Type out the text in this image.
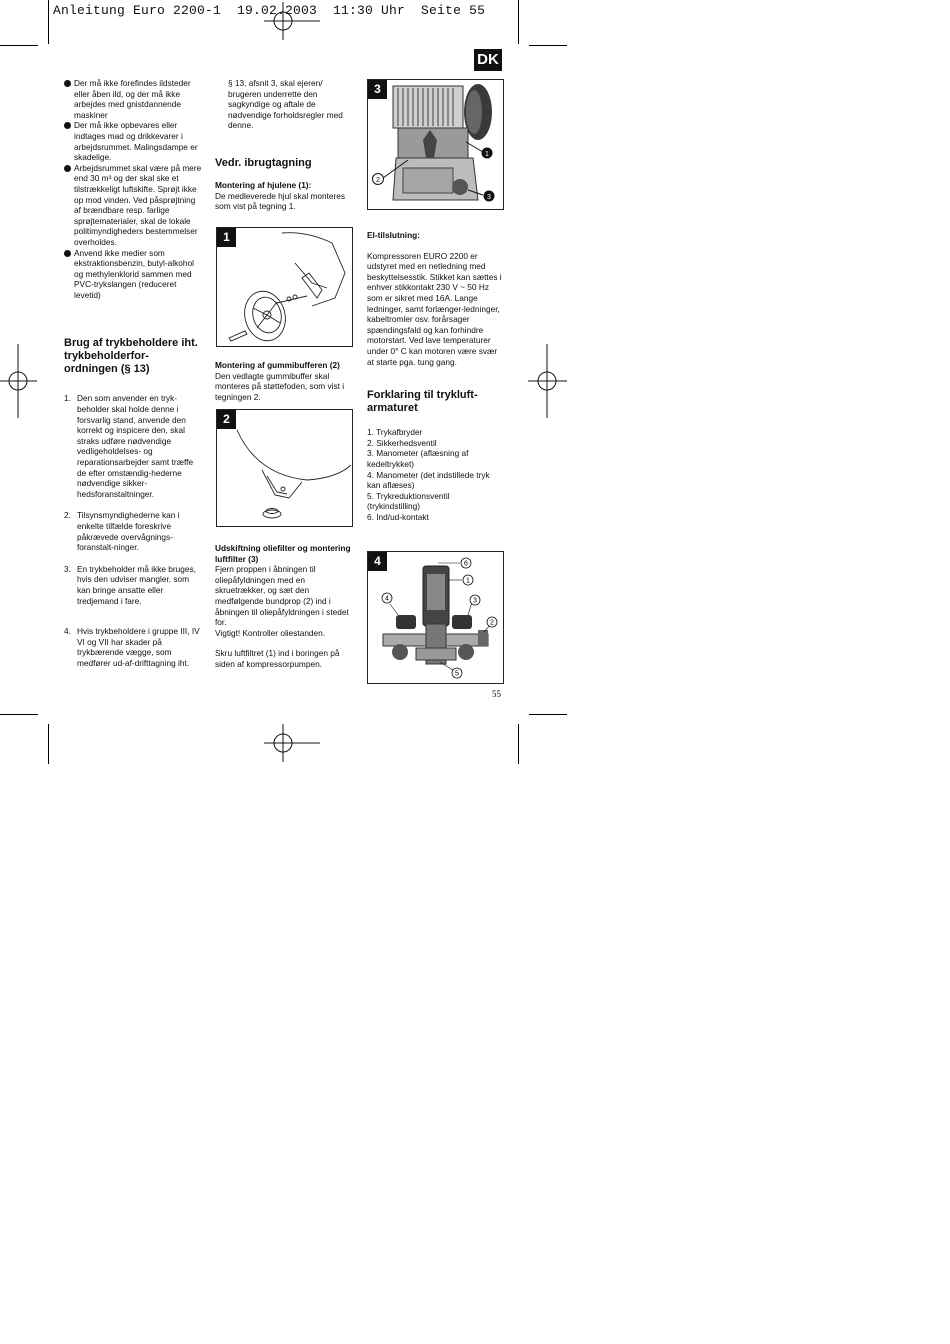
Anleitung Euro 2200-1  19.02.2003  11:30 Uhr  Seite 55
DK
Der må ikke forefindes ildsteder eller åben ild, og der må ikke arbejdes med gnistdannende maskiner
Der må ikke opbevares eller indtages mad og drikkevarer i arbejdsrummet. Malingsdampe er skadelige.
Arbejdsrummet skal være på mere end 30 m³ og der skal ske et tilstrækkeligt luftskifte. Sprøjt ikke op mod vinden. Ved påsprøjtning af brændbare resp. farlige sprøjtematerialer, skal de lokale politimyndigheders bestemmelser overholdes.
Anvend ikke medier som ekstraktionsbenzin, butyl-alkohol og methylenklorid sammen med PVC-trykslangen (reduceret levetid)
Brug af trykbeholdere iht. trykbeholderfor-ordningen (§ 13)
1. Den som anvender en tryk-beholder skal holde denne i forsvarlig stand, anvende den korrekt og inspicere den, skal straks udføre nødvendige vedligeholdelses- og reparationsarbejder samt træffe de efter omstændig-hederne nødvendige sikker-hedsforanstaltninger.
2. Tilsynsmyndighederne kan i enkelte tilfælde foreskrive påkrævede overvågnings-foranstalt-ninger.
3. En trykbeholder må ikke bruges, hvis den udviser mangler, som kan bringe ansatte eller tredjemand i fare.
4. Hvis trykbeholdere i gruppe III, IV VI og VII har skader på trykbærende vægge, som medfører ud-af-drifttagning iht.

§ 13, afsnit 3, skal ejeren/ brugeren underrette den sagkyndige og aftale de nødvendige forholdsregler med denne.

Vedr. ibrugtagning

Montering af hjulene (1):

De medleverede hjul skal monteres som vist på tegning 1.

1

Montering af gummibufferen (2)

Den vedlagte gummibuffer skal monteres på støttefoden, som vist i tegningen 2.

2

Udskiftning oliefilter og montering luftfilter (3)

Fjern proppen i åbningen til oliepåfyldningen med en skruetrækker, og sæt den medfølgende bundprop (2) ind i åbningen til oliepåfyldningen i stedet for.

Vigtigt! Kontroller oliestanden.

Skru luftfiltret (1) ind i boringen på siden af kompressorpumpen.

3
1
2
3

El-tilslutning:

Kompressoren EURO 2200 er udstyret med en netledning med beskyttelsesstik. Stikket kan sættes i enhver stikkontakt 230 V ~ 50 Hz som er sikret med 16A. Lange ledninger, samt forlænger-ledninger, kabeltromler osv. forårsager spændingsfald og kan forhindre motorstart. Ved lave temperaturer under 0° C kan motoren være svær at starte pga. tung gang.

Forklaring til trykluft-armaturet
1. Trykafbryder
2. Sikkerhedsventil
3. Manometer (aflæsning af kedeltrykket)
4. Manometer (det indstillede tryk kan aflæses)
5. Trykreduktionsventil (trykindstilling)
6. Ind/ud-kontakt
4	6
1
4	3
2
5
55
